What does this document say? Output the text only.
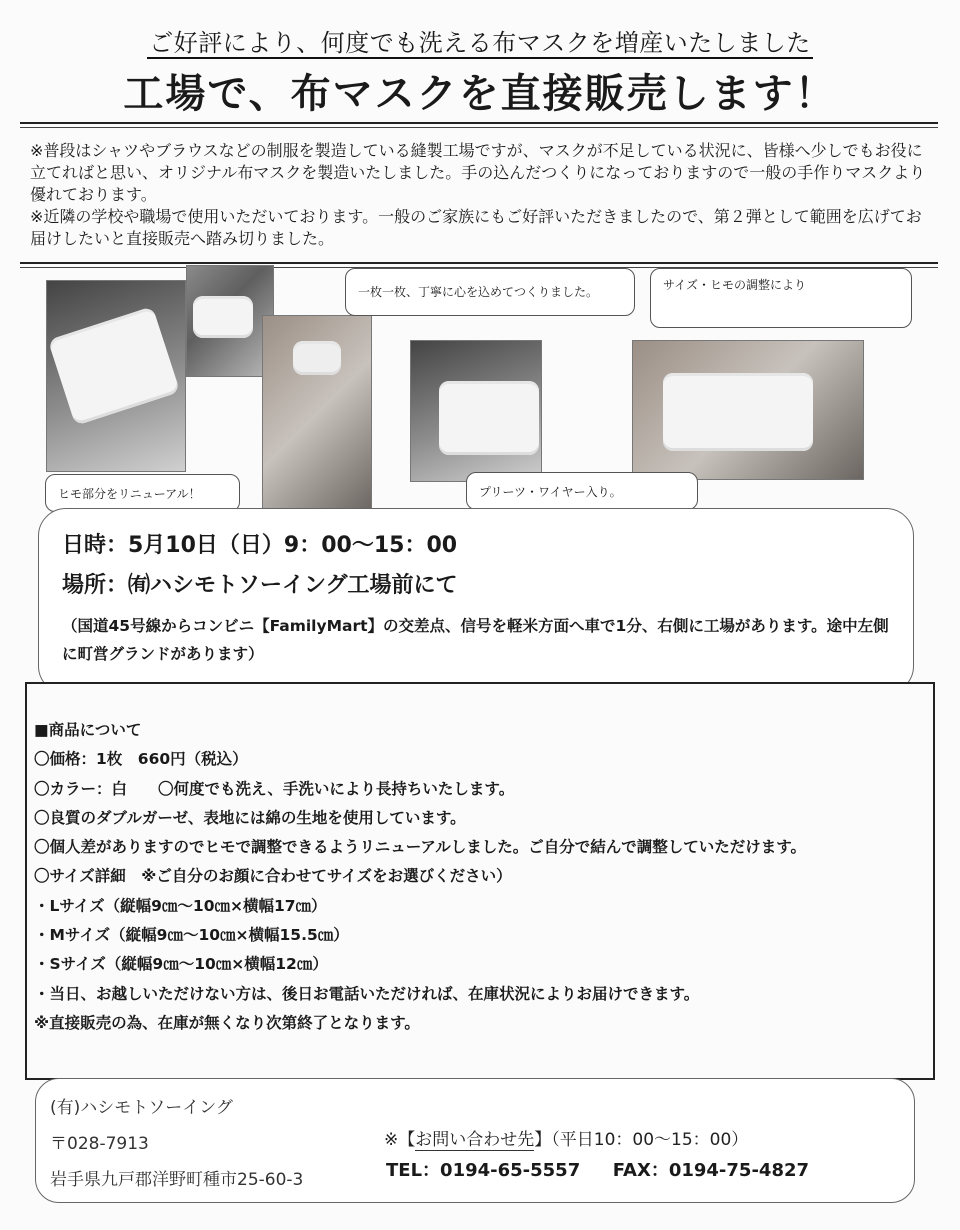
ご好評により、何度でも洗える布マスクを増産いたしました
工場で、布マスクを直接販売します！

※普段はシャツやブラウスなどの制服を製造している縫製工場ですが、マスクが不足している状況に、皆様へ少しでもお役に立てればと思い、オリジナル布マスクを製造いたしました。手の込んだつくりになっておりますので一般の手作りマスクより優れております。

※近隣の学校や職場で使用いただいております。一般のご家族にもご好評いただきましたので、第２弾として範囲を広げてお届けしたいと直接販売へ踏み切りました。

ヒモ部分をリニューアル！
一枚一枚、丁寧に心を込めてつくりました。
プリーツ・ワイヤー入り。
サイズ・ヒモの調整により
日時：5月10日（日）9：00～15：00
場所：㈲ハシモトソーイング工場前にて
（国道45号線からコンビニ【FamilyMart】の交差点、信号を軽米方面へ車で1分、右側に工場があります。途中左側に町営グランドがあります）
■商品について
〇価格：1枚　660円（税込）
〇カラー：白　　〇何度でも洗え、手洗いにより長持ちいたします。
〇良質のダブルガーゼ、表地には綿の生地を使用しています。
〇個人差がありますのでヒモで調整できるようリニューアルしました。ご自分で結んで調整していただけます。
〇サイズ詳細　※ご自分のお顔に合わせてサイズをお選びください）
・Lサイズ（縦幅9㎝～10㎝×横幅17㎝）
・Mサイズ（縦幅9㎝～10㎝×横幅15.5㎝）
・Sサイズ（縦幅9㎝～10㎝×横幅12㎝）
・当日、お越しいただけない方は、後日お電話いただければ、在庫状況によりお届けできます。
※直接販売の為、在庫が無くなり次第終了となります。
(有)ハシモトソーイング
〒028-7913
岩手県九戸郡洋野町種市25-60-3
※【お問い合わせ先】（平日10：00～15：00）
TEL：0194-65-5557 FAX：0194-75-4827
